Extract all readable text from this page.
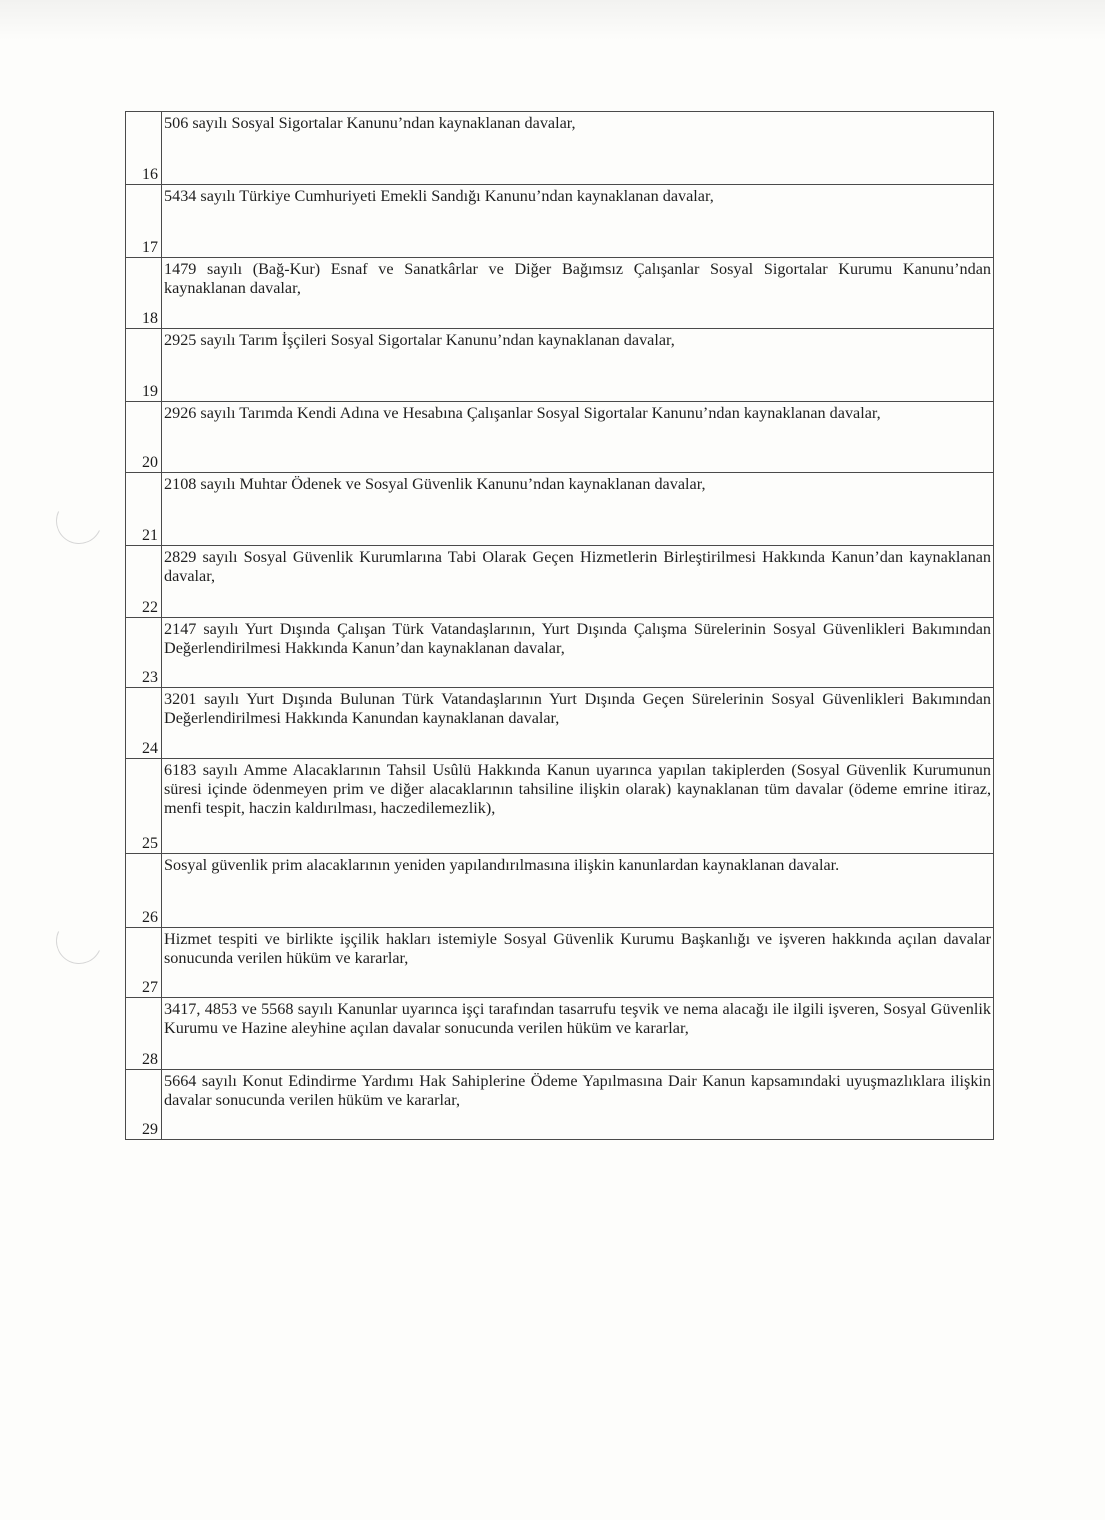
16	506 sayılı Sosyal Sigortalar Kanunu’ndan kaynaklanan davalar,

17	5434 sayılı Türkiye Cumhuriyeti Emekli Sandığı Kanunu’ndan kaynaklanan davalar,

18	1479 sayılı (Bağ-Kur) Esnaf ve Sanatkârlar ve Diğer Bağımsız Çalışanlar Sosyal Sigortalar Kurumu Kanunu’ndan kaynaklanan davalar,

19	2925 sayılı Tarım İşçileri Sosyal Sigortalar Kanunu’ndan kaynaklanan davalar,

20	2926 sayılı Tarımda Kendi Adına ve Hesabına Çalışanlar Sosyal Sigortalar Kanunu’ndan kaynaklanan davalar,

21	2108 sayılı Muhtar Ödenek ve Sosyal Güvenlik Kanunu’ndan kaynaklanan davalar,

22	2829 sayılı Sosyal Güvenlik Kurumlarına Tabi Olarak Geçen Hizmetlerin Birleştirilmesi Hakkında Kanun’dan kaynaklanan davalar,

23	2147 sayılı Yurt Dışında Çalışan Türk Vatandaşlarının, Yurt Dışında Çalışma Sürelerinin Sosyal Güvenlikleri Bakımından Değerlendirilmesi Hakkında Kanun’dan kaynaklanan davalar,

24	3201 sayılı Yurt Dışında Bulunan Türk Vatandaşlarının Yurt Dışında Geçen Sürelerinin Sosyal Güvenlikleri Bakımından Değerlendirilmesi Hakkında Kanundan kaynaklanan davalar,

25	6183 sayılı Amme Alacaklarının Tahsil Usûlü Hakkında Kanun uyarınca yapılan takiplerden (Sosyal Güvenlik Kurumunun süresi içinde ödenmeyen prim ve diğer alacaklarının tahsiline ilişkin olarak) kaynaklanan tüm davalar (ödeme emrine itiraz, menfi tespit, haczin kaldırılması, haczedilemezlik),

26	Sosyal güvenlik prim alacaklarının yeniden yapılandırılmasına ilişkin kanunlardan kaynaklanan davalar.

27	Hizmet tespiti ve birlikte işçilik hakları istemiyle Sosyal Güvenlik Kurumu Başkanlığı ve işveren hakkında açılan davalar sonucunda verilen hüküm ve kararlar,

28	3417, 4853 ve 5568 sayılı Kanunlar uyarınca işçi tarafından tasarrufu teşvik ve nema alacağı ile ilgili işveren, Sosyal Güvenlik Kurumu ve Hazine aleyhine açılan davalar sonucunda verilen hüküm ve kararlar,

29	5664 sayılı Konut Edindirme Yardımı Hak Sahiplerine Ödeme Yapılmasına Dair Kanun kapsamındaki uyuşmazlıklara ilişkin davalar sonucunda verilen hüküm ve kararlar,
